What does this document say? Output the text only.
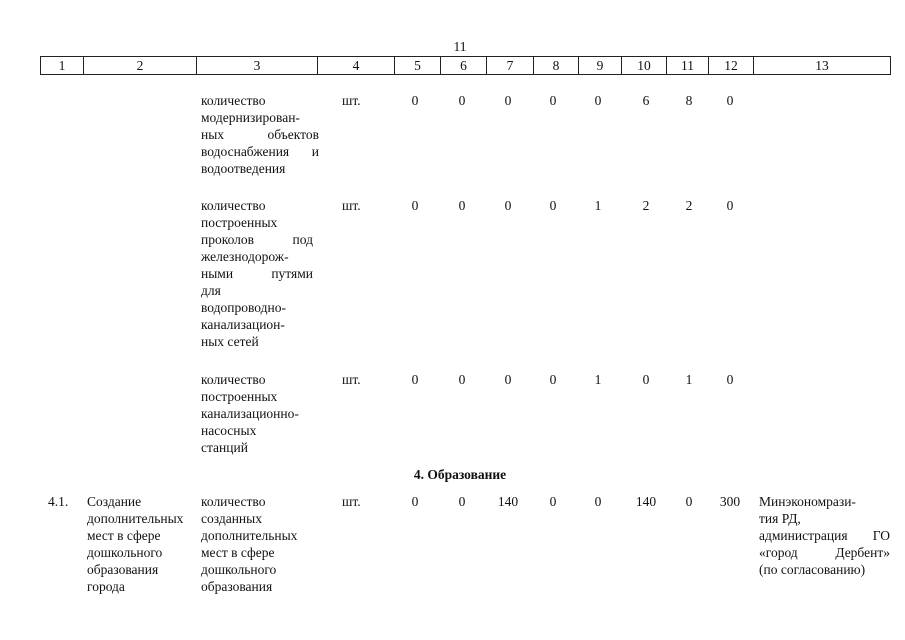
11
1	2	3	4	5	6	7	8	9	10	11	12	13
количество
модернизирован-
ных объектов
водоснабжения и
водоотведения
шт.	0	0	0	0	0	6	8	0
количество
построенных
проколов под
железнодорож-
ными путями
для
водопроводно-
канализацион-
ных сетей
шт.	0	0	0	0	1	2	2	0
количество
построенных
канализационно-
насосных
станций
шт.	0	0	0	0	1	0	1	0
4. Образование
4.1. Создание
дополнительных
мест в сфере
дошкольного
образования
города
количество
созданных
дополнительных
мест в сфере
дошкольного
образования
шт.	0	0	140	0	0	140	0	300	Минэкономрази-
тия РД,
администрация ГО
«город Дербент»
(по согласованию)
